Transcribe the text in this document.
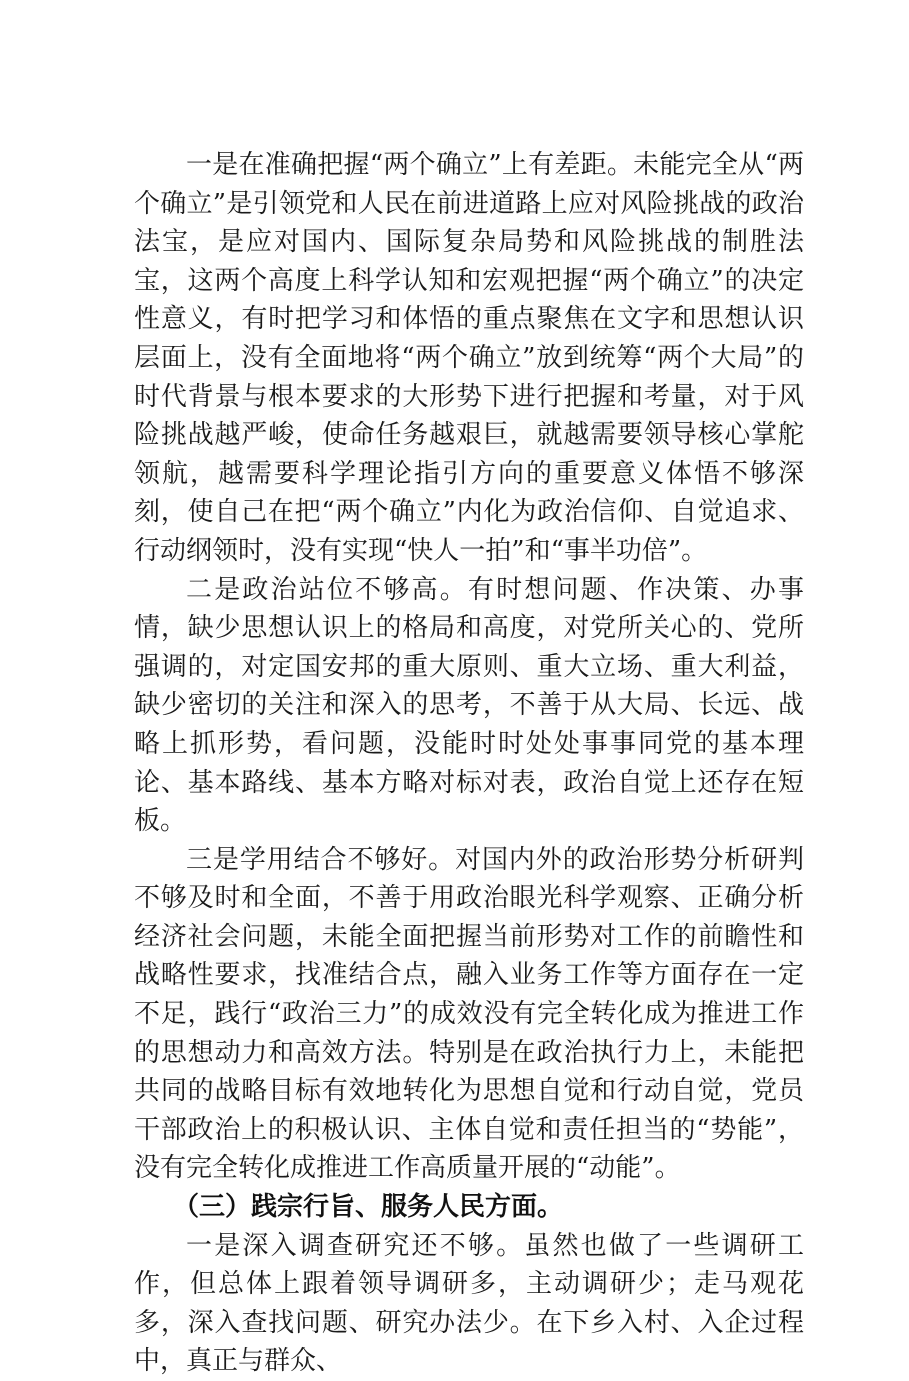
一是在准确把握“两个确立”上有差距。未能完全从“两个确立”是引领党和人民在前进道路上应对风险挑战的政治法宝，是应对国内、国际复杂局势和风险挑战的制胜法宝，这两个高度上科学认知和宏观把握“两个确立”的决定性意义，有时把学习和体悟的重点聚焦在文字和思想认识层面上，没有全面地将“两个确立”放到统筹“两个大局”的时代背景与根本要求的大形势下进行把握和考量，对于风险挑战越严峻，使命任务越艰巨，就越需要领导核心掌舵领航，越需要科学理论指引方向的重要意义体悟不够深刻，使自己在把“两个确立”内化为政治信仰、自觉追求、行动纲领时，没有实现“快人一拍”和“事半功倍”。

二是政治站位不够高。有时想问题、作决策、办事情，缺少思想认识上的格局和高度，对党所关心的、党所强调的，对定国安邦的重大原则、重大立场、重大利益，缺少密切的关注和深入的思考，不善于从大局、长远、战略上抓形势，看问题，没能时时处处事事同党的基本理论、基本路线、基本方略对标对表，政治自觉上还存在短板。

三是学用结合不够好。对国内外的政治形势分析研判不够及时和全面，不善于用政治眼光科学观察、正确分析经济社会问题，未能全面把握当前形势对工作的前瞻性和战略性要求，找准结合点，融入业务工作等方面存在一定不足，践行“政治三力”的成效没有完全转化成为推进工作的思想动力和高效方法。特别是在政治执行力上，未能把共同的战略目标有效地转化为思想自觉和行动自觉，党员干部政治上的积极认识、主体自觉和责任担当的“势能”，没有完全转化成推进工作高质量开展的“动能”。

（三）践宗行旨、服务人民方面。

一是深入调查研究还不够。虽然也做了一些调研工作，但总体上跟着领导调研多，主动调研少；走马观花多，深入查找问题、研究办法少。在下乡入村、入企过程中，真正与群众、
